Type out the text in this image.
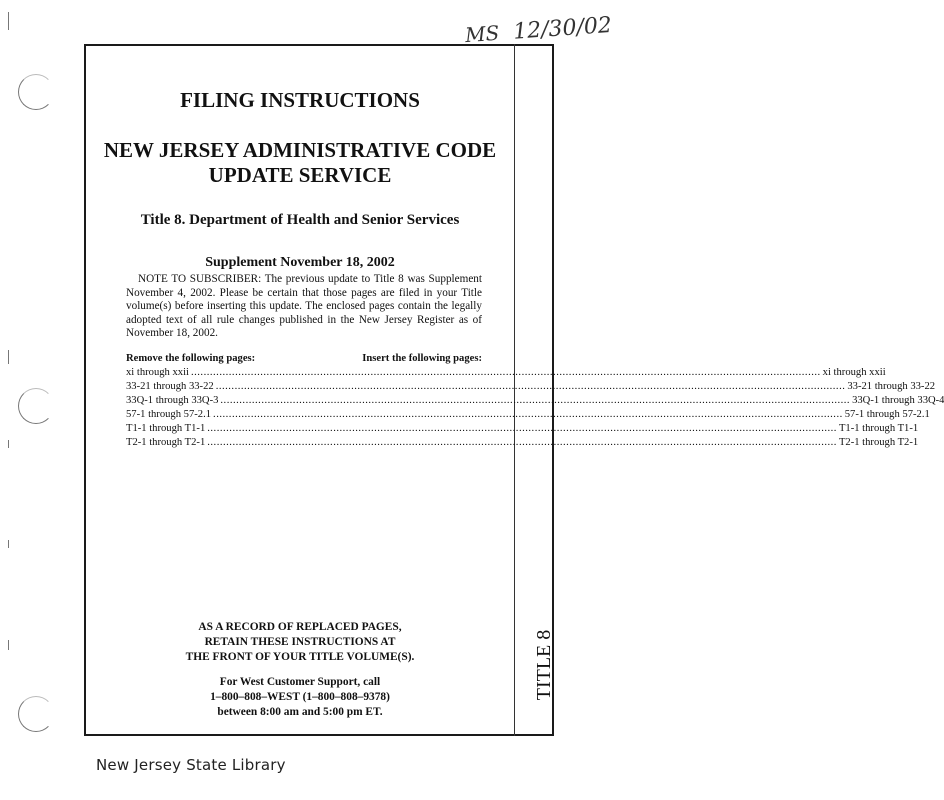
MS 12/30/02
TITLE 8
FILING INSTRUCTIONS
NEW JERSEY ADMINISTRATIVE CODE
UPDATE SERVICE
Title 8. Department of Health and Senior Services
Supplement November 18, 2002
NOTE TO SUBSCRIBER: The previous update to Title 8 was Supplement November 4, 2002. Please be certain that those pages are filed in your Title volume(s) before inserting this update. The enclosed pages contain the legally adopted text of all rule changes published in the New Jersey Register as of November 18, 2002.
Remove the following pages:	Insert the following pages:
xi through xxii ........................................................................................................................................................................................................ xi through xxii
33-21 through 33-22 ........................................................................................................................................................................................................ 33-21 through 33-22
33Q-1 through 33Q-3 ........................................................................................................................................................................................................ 33Q-1 through 33Q-4
57-1 through 57-2.1 ........................................................................................................................................................................................................ 57-1 through 57-2.1
T1-1 through T1-1 ........................................................................................................................................................................................................ T1-1 through T1-1
T2-1 through T2-1 ........................................................................................................................................................................................................ T2-1 through T2-1
AS A RECORD OF REPLACED PAGES,
RETAIN THESE INSTRUCTIONS AT
THE FRONT OF YOUR TITLE VOLUME(S).
For West Customer Support, call
1–800–808–WEST (1–800–808–9378)
between 8:00 am and 5:00 pm ET.
New Jersey State Library
